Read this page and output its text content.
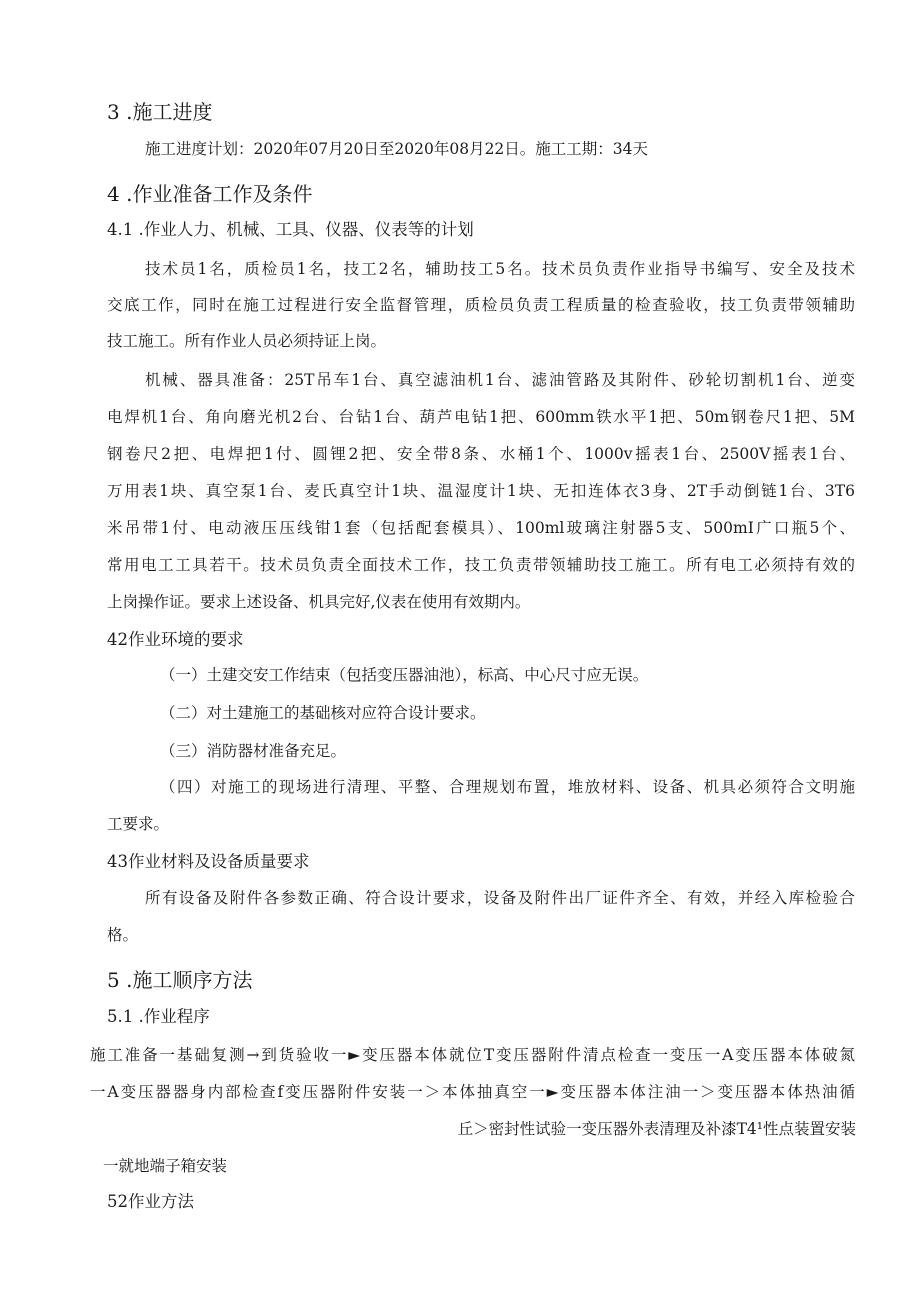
3 .施工进度
施工进度计划：2020年07月20日至2020年08月22日。施工工期：34天
4 .作业准备工作及条件
4.1 .作业人力、机械、工具、仪器、仪表等的计划
技术员1名，质检员1名，技工2名，辅助技工5名。技术员负责作业指导书编写、安全及技术
交底工作，同时在施工过程进行安全监督管理，质检员负责工程质量的检查验收，技工负责带领辅助
技工施工。所有作业人员必须持证上岗。
机械、器具准备：25T吊车1台、真空滤油机1台、滤油管路及其附件、砂轮切割机1台、逆变
电焊机1台、角向磨光机2台、台钻1台、葫芦电钻1把、600mm铁水平1把、50m钢卷尺1把、5M
钢卷尺2把、电焊把1付、圆锂2把、安全带8条、水桶1个、1000v摇表1台、2500V摇表1台、
万用表1块、真空泵1台、麦氏真空计1块、温湿度计1块、无扣连体衣3身、2T手动倒链1台、3T6
米吊带1付、电动液压压线钳1套（包括配套模具）、100ml玻璃注射器5支、500mI广口瓶5个、
常用电工工具若干。技术员负责全面技术工作，技工负责带领辅助技工施工。所有电工必须持有效的
上岗操作证。要求上述设备、机具完好,仪表在使用有效期内。
42作业环境的要求
（一）土建交安工作结束（包括变压器油池），标高、中心尺寸应无误。
（二）对土建施工的基础核对应符合设计要求。
（三）消防器材准备充足。
（四）对施工的现场进行清理、平整、合理规划布置，堆放材料、设备、机具必须符合文明施
工要求。
43作业材料及设备质量要求
所有设备及附件各参数正确、符合设计要求，设备及附件出厂证件齐全、有效，并经入库检验合
格。
5 .施工顺序方法
5.1 .作业程序
施工准备一基础复测→到货验收一►变压器本体就位T变压器附件清点检查一变压一A变压器本体破氮
一A变压器器身内部检查f变压器附件安装一＞本体抽真空一►变压器本体注油一＞变压器本体热油循
丘＞密封性试验一变压器外表清理及补漆T4¹性点装置安装
一就地端子箱安装
52作业方法
